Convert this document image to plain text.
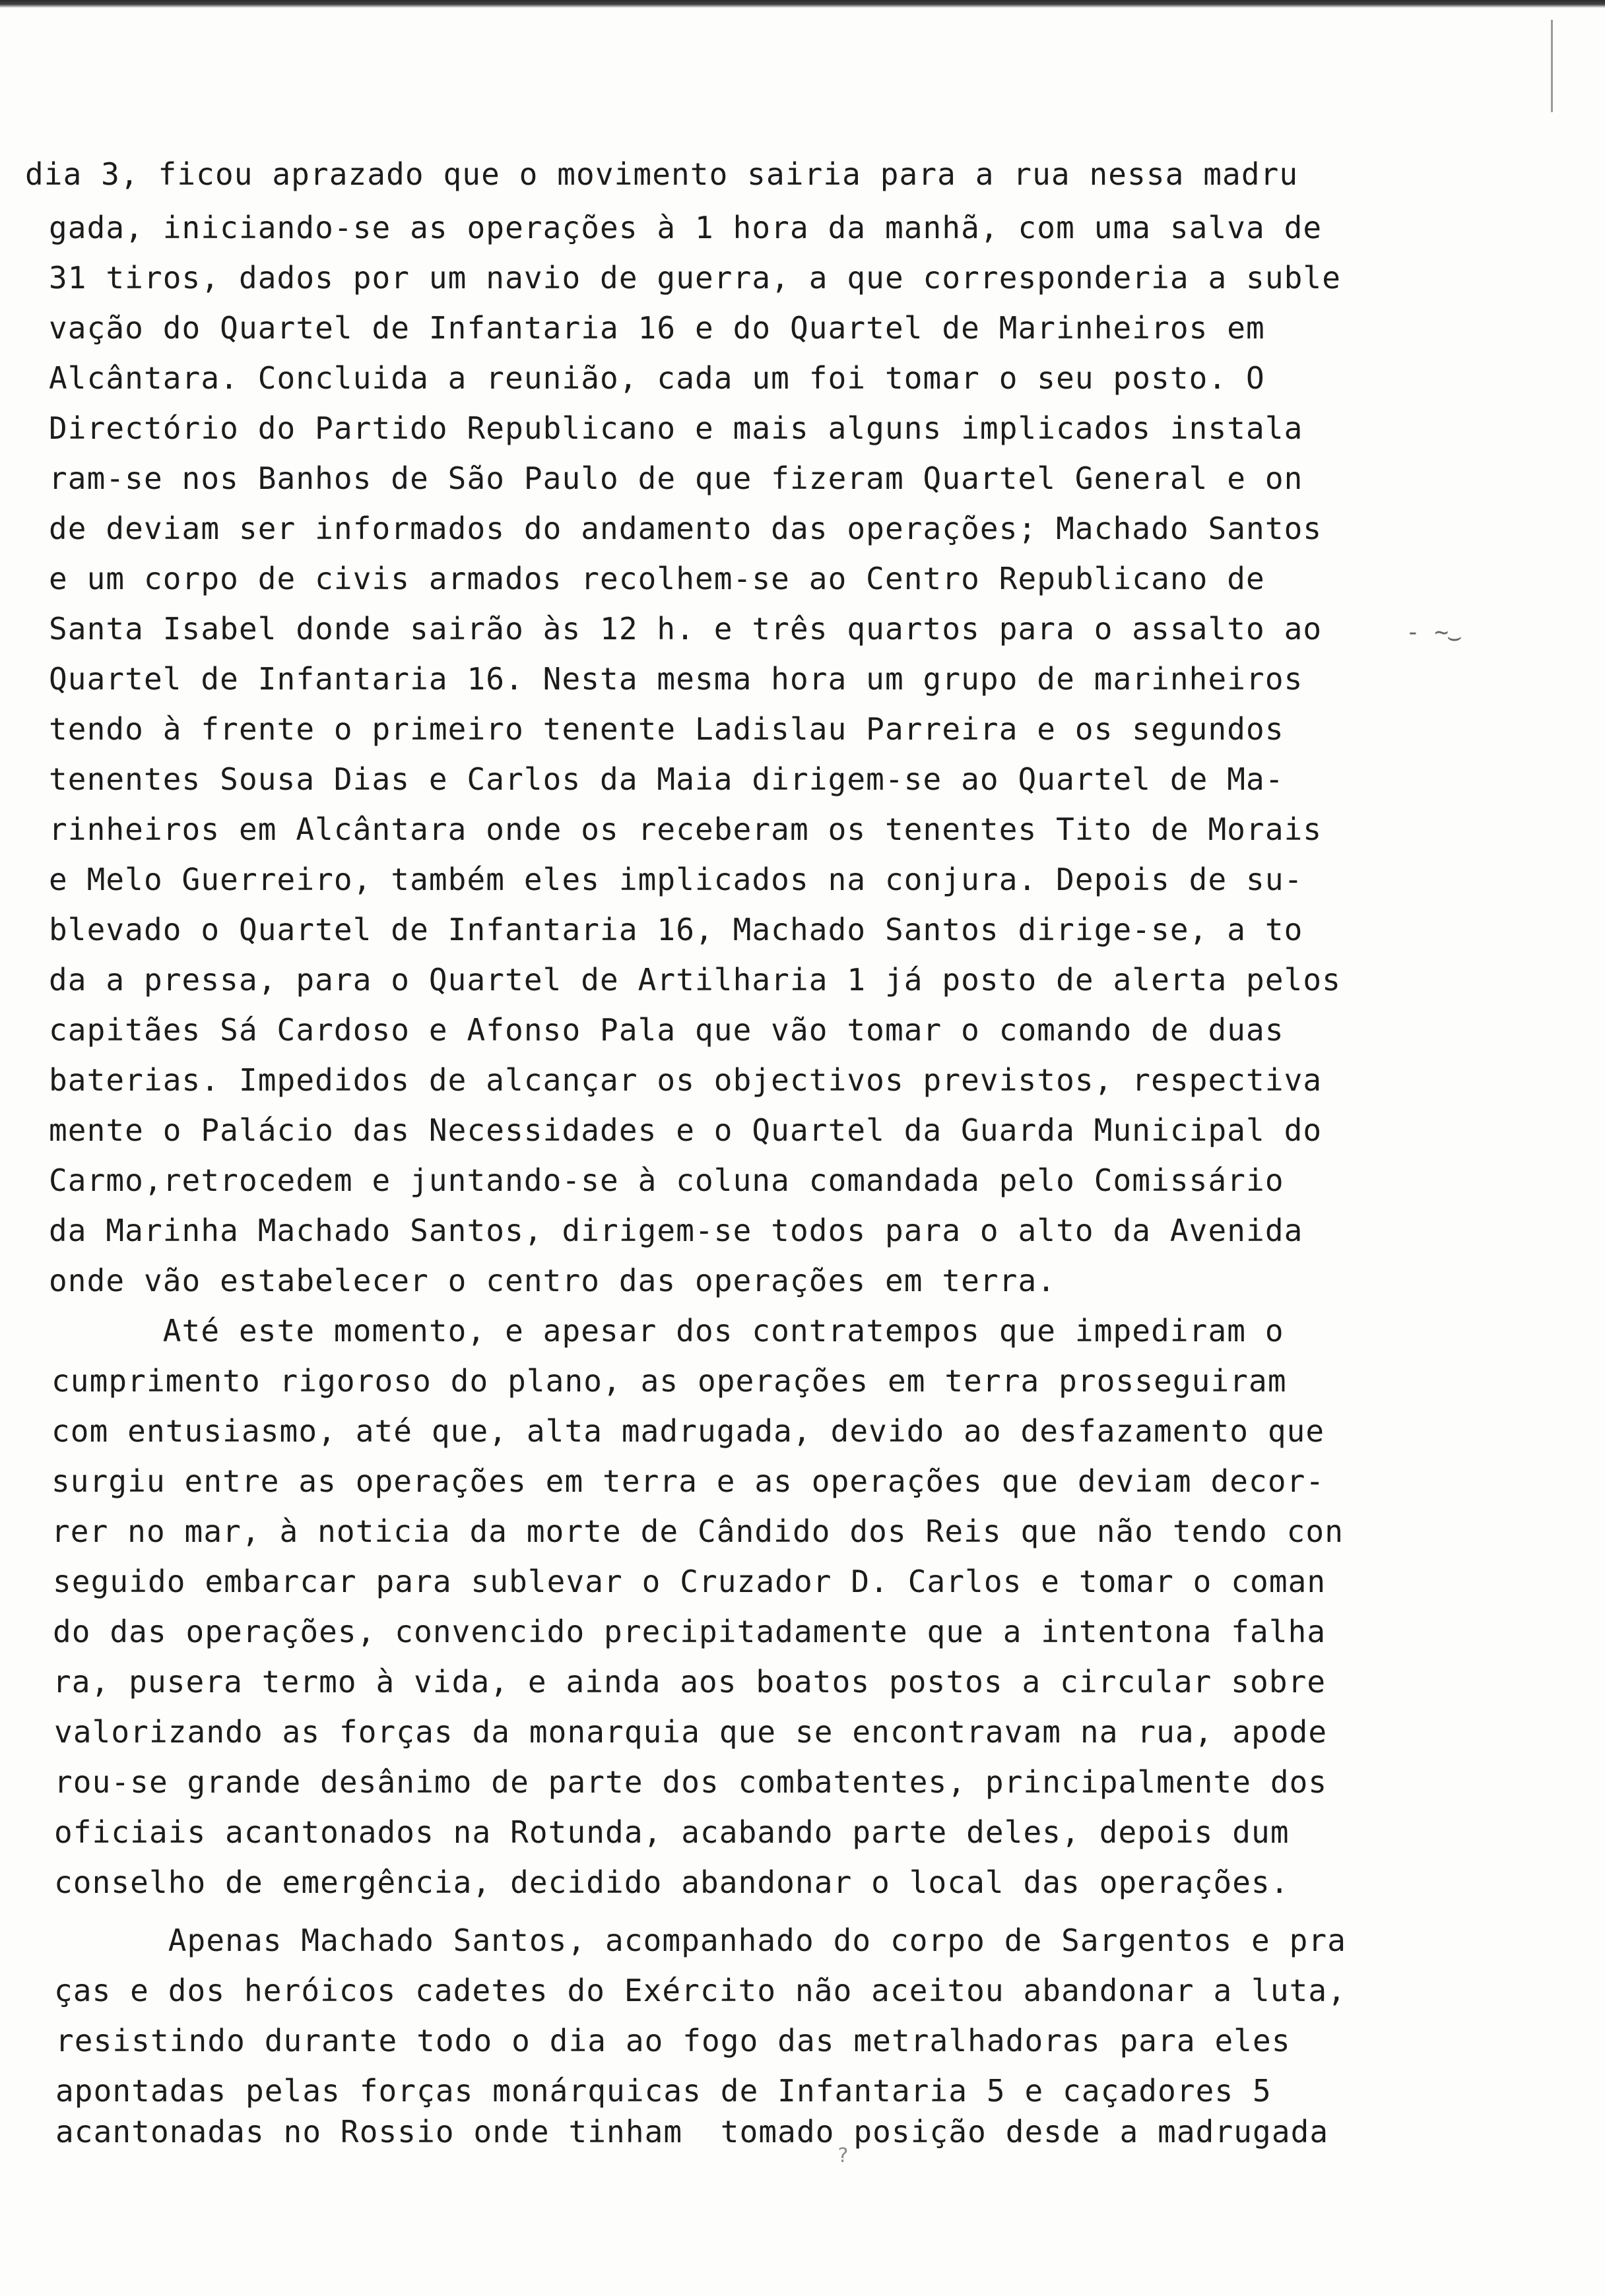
dia 3, ficou aprazado que o movimento sairia para a rua nessa madru
gada, iniciando-se as operações à 1 hora da manhã, com uma salva de
31 tiros, dados por um navio de guerra, a que corresponderia a suble
vação do Quartel de Infantaria 16 e do Quartel de Marinheiros em
Alcântara. Concluida a reunião, cada um foi tomar o seu posto. O
Directório do Partido Republicano e mais alguns implicados instala
ram-se nos Banhos de São Paulo de que fizeram Quartel General e on
de deviam ser informados do andamento das operações; Machado Santos
e um corpo de civis armados recolhem-se ao Centro Republicano de
Santa Isabel donde sairão às 12 h. e três quartos para o assalto ao
Quartel de Infantaria 16. Nesta mesma hora um grupo de marinheiros
tendo à frente o primeiro tenente Ladislau Parreira e os segundos
tenentes Sousa Dias e Carlos da Maia dirigem-se ao Quartel de Ma-
rinheiros em Alcântara onde os receberam os tenentes Tito de Morais
e Melo Guerreiro, também eles implicados na conjura. Depois de su-
blevado o Quartel de Infantaria 16, Machado Santos dirige-se, a to
da a pressa, para o Quartel de Artilharia 1 já posto de alerta pelos
capitães Sá Cardoso e Afonso Pala que vão tomar o comando de duas
baterias. Impedidos de alcançar os objectivos previstos, respectiva
mente o Palácio das Necessidades e o Quartel da Guarda Municipal do
Carmo,retrocedem e juntando-se à coluna comandada pelo Comissário
da Marinha Machado Santos, dirigem-se todos para o alto da Avenida
onde vão estabelecer o centro das operações em terra.
Até este momento, e apesar dos contratempos que impediram o
cumprimento rigoroso do plano, as operações em terra prosseguiram
com entusiasmo, até que, alta madrugada, devido ao desfazamento que
surgiu entre as operações em terra e as operações que deviam decor-
rer no mar, à noticia da morte de Cândido dos Reis que não tendo con
seguido embarcar para sublevar o Cruzador D. Carlos e tomar o coman
do das operações, convencido precipitadamente que a intentona falha
ra, pusera termo à vida, e ainda aos boatos postos a circular sobre
valorizando as forças da monarquia que se encontravam na rua, apode
rou-se grande desânimo de parte dos combatentes, principalmente dos
oficiais acantonados na Rotunda, acabando parte deles, depois dum
conselho de emergência, decidido abandonar o local das operações.
Apenas Machado Santos, acompanhado do corpo de Sargentos e pra
ças e dos heróicos cadetes do Exército não aceitou abandonar a luta,
resistindo durante todo o dia ao fogo das metralhadoras para eles
apontadas pelas forças monárquicas de Infantaria 5 e caçadores 5
acantonadas no Rossio onde tinham  tomado posição desde a madrugada
- ~
⌣
?
